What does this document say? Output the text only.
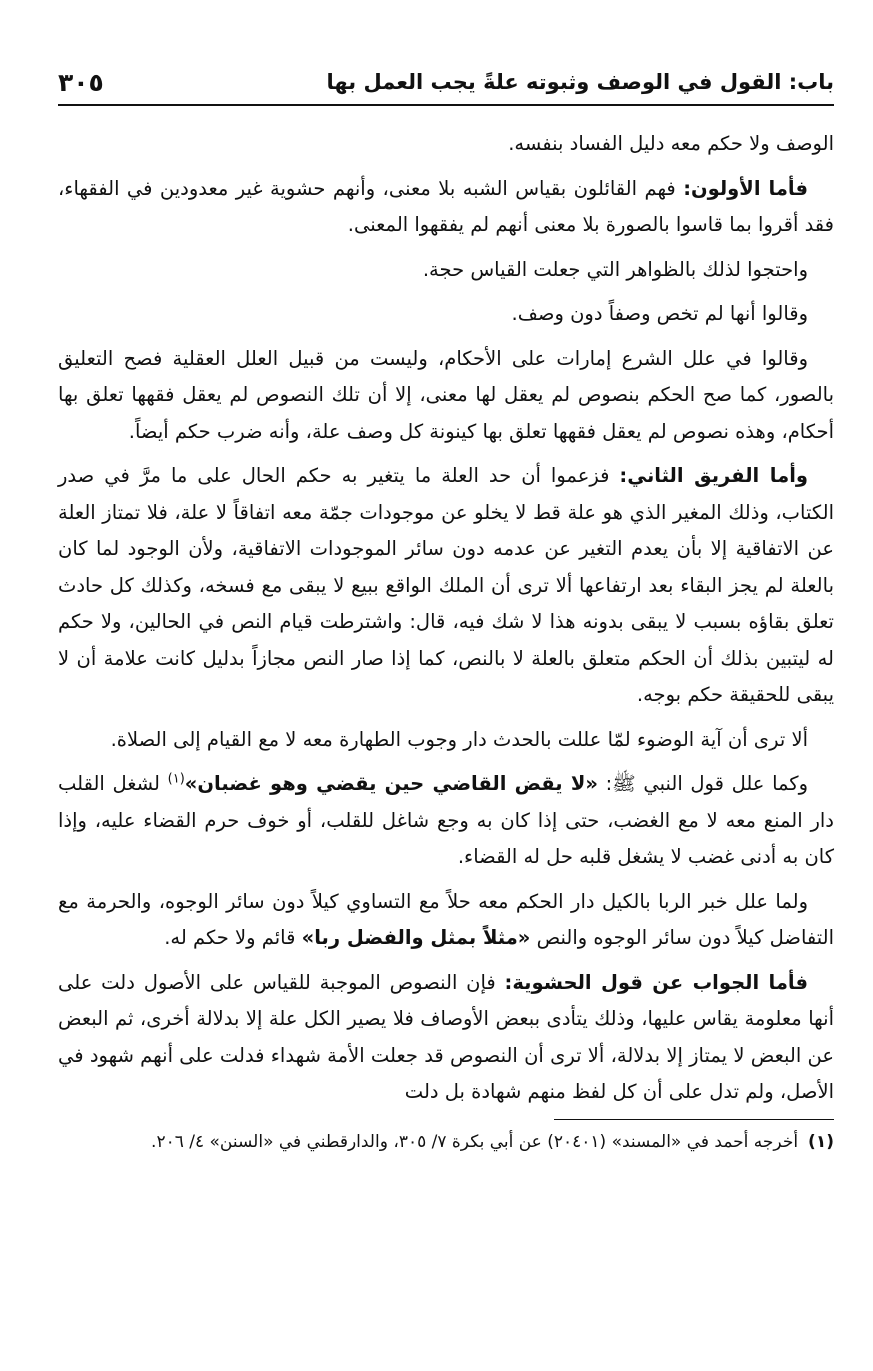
باب: القول في الوصف وثبوته علةً يجب العمل بها
٣٠٥

الوصف ولا حكم معه دليل الفساد بنفسه.

فأما الأولون: فهم القائلون بقياس الشبه بلا معنى، وأنهم حشوية غير معدودين في الفقهاء، فقد أقروا بما قاسوا بالصورة بلا معنى أنهم لم يفقهوا المعنى.

واحتجوا لذلك بالظواهر التي جعلت القياس حجة.

وقالوا أنها لم تخص وصفاً دون وصف.

وقالوا في علل الشرع إمارات على الأحكام، وليست من قبيل العلل العقلية فصح التعليق بالصور، كما صح الحكم بنصوص لم يعقل لها معنى، إلا أن تلك النصوص لم يعقل فقهها تعلق بها أحكام، وهذه نصوص لم يعقل فقهها تعلق بها كينونة كل وصف علة، وأنه ضرب حكم أيضاً.

وأما الفريق الثاني: فزعموا أن حد العلة ما يتغير به حكم الحال على ما مرَّ في صدر الكتاب، وذلك المغير الذي هو علة قط لا يخلو عن موجودات جمّة معه اتفاقاً لا علة، فلا تمتاز العلة عن الاتفاقية إلا بأن يعدم التغير عن عدمه دون سائر الموجودات الاتفاقية، ولأن الوجود لما كان بالعلة لم يجز البقاء بعد ارتفاعها ألا ترى أن الملك الواقع ببيع لا يبقى مع فسخه، وكذلك كل حادث تعلق بقاؤه بسبب لا يبقى بدونه هذا لا شك فيه، قال: واشترطت قيام النص في الحالين، ولا حكم له ليتبين بذلك أن الحكم متعلق بالعلة لا بالنص، كما إذا صار النص مجازاً بدليل كانت علامة أن لا يبقى للحقيقة حكم بوجه.

ألا ترى أن آية الوضوء لمّا عللت بالحدث دار وجوب الطهارة معه لا مع القيام إلى الصلاة.

وكما علل قول النبي ﷺ: «لا يقض القاضي حين يقضي وهو غضبان»$^{(١)}$ لشغل القلب دار المنع معه لا مع الغضب، حتى إذا كان به وجع شاغل للقلب، أو خوف حرم القضاء عليه، وإذا كان به أدنى غضب لا يشغل قلبه حل له القضاء.

ولما علل خبر الربا بالكيل دار الحكم معه حلاً مع التساوي كيلاً دون سائر الوجوه، والحرمة مع التفاضل كيلاً دون سائر الوجوه والنص «مثلاً بمثل والفضل ربا» قائم ولا حكم له.

فأما الجواب عن قول الحشوية: فإن النصوص الموجبة للقياس على الأصول دلت على أنها معلومة يقاس عليها، وذلك يتأدى ببعض الأوصاف فلا يصير الكل علة إلا بدلالة أخرى، ثم البعض عن البعض لا يمتاز إلا بدلالة، ألا ترى أن النصوص قد جعلت الأمة شهداء فدلت على أنهم شهود في الأصل، ولم تدل على أن كل لفظ منهم شهادة بل دلت

(١)
أخرجه أحمد في «المسند» (٢٠٤٠١) عن أبي بكرة ٧/ ٣٠٥، والدارقطني في «السنن» ٤/ ٢٠٦.
